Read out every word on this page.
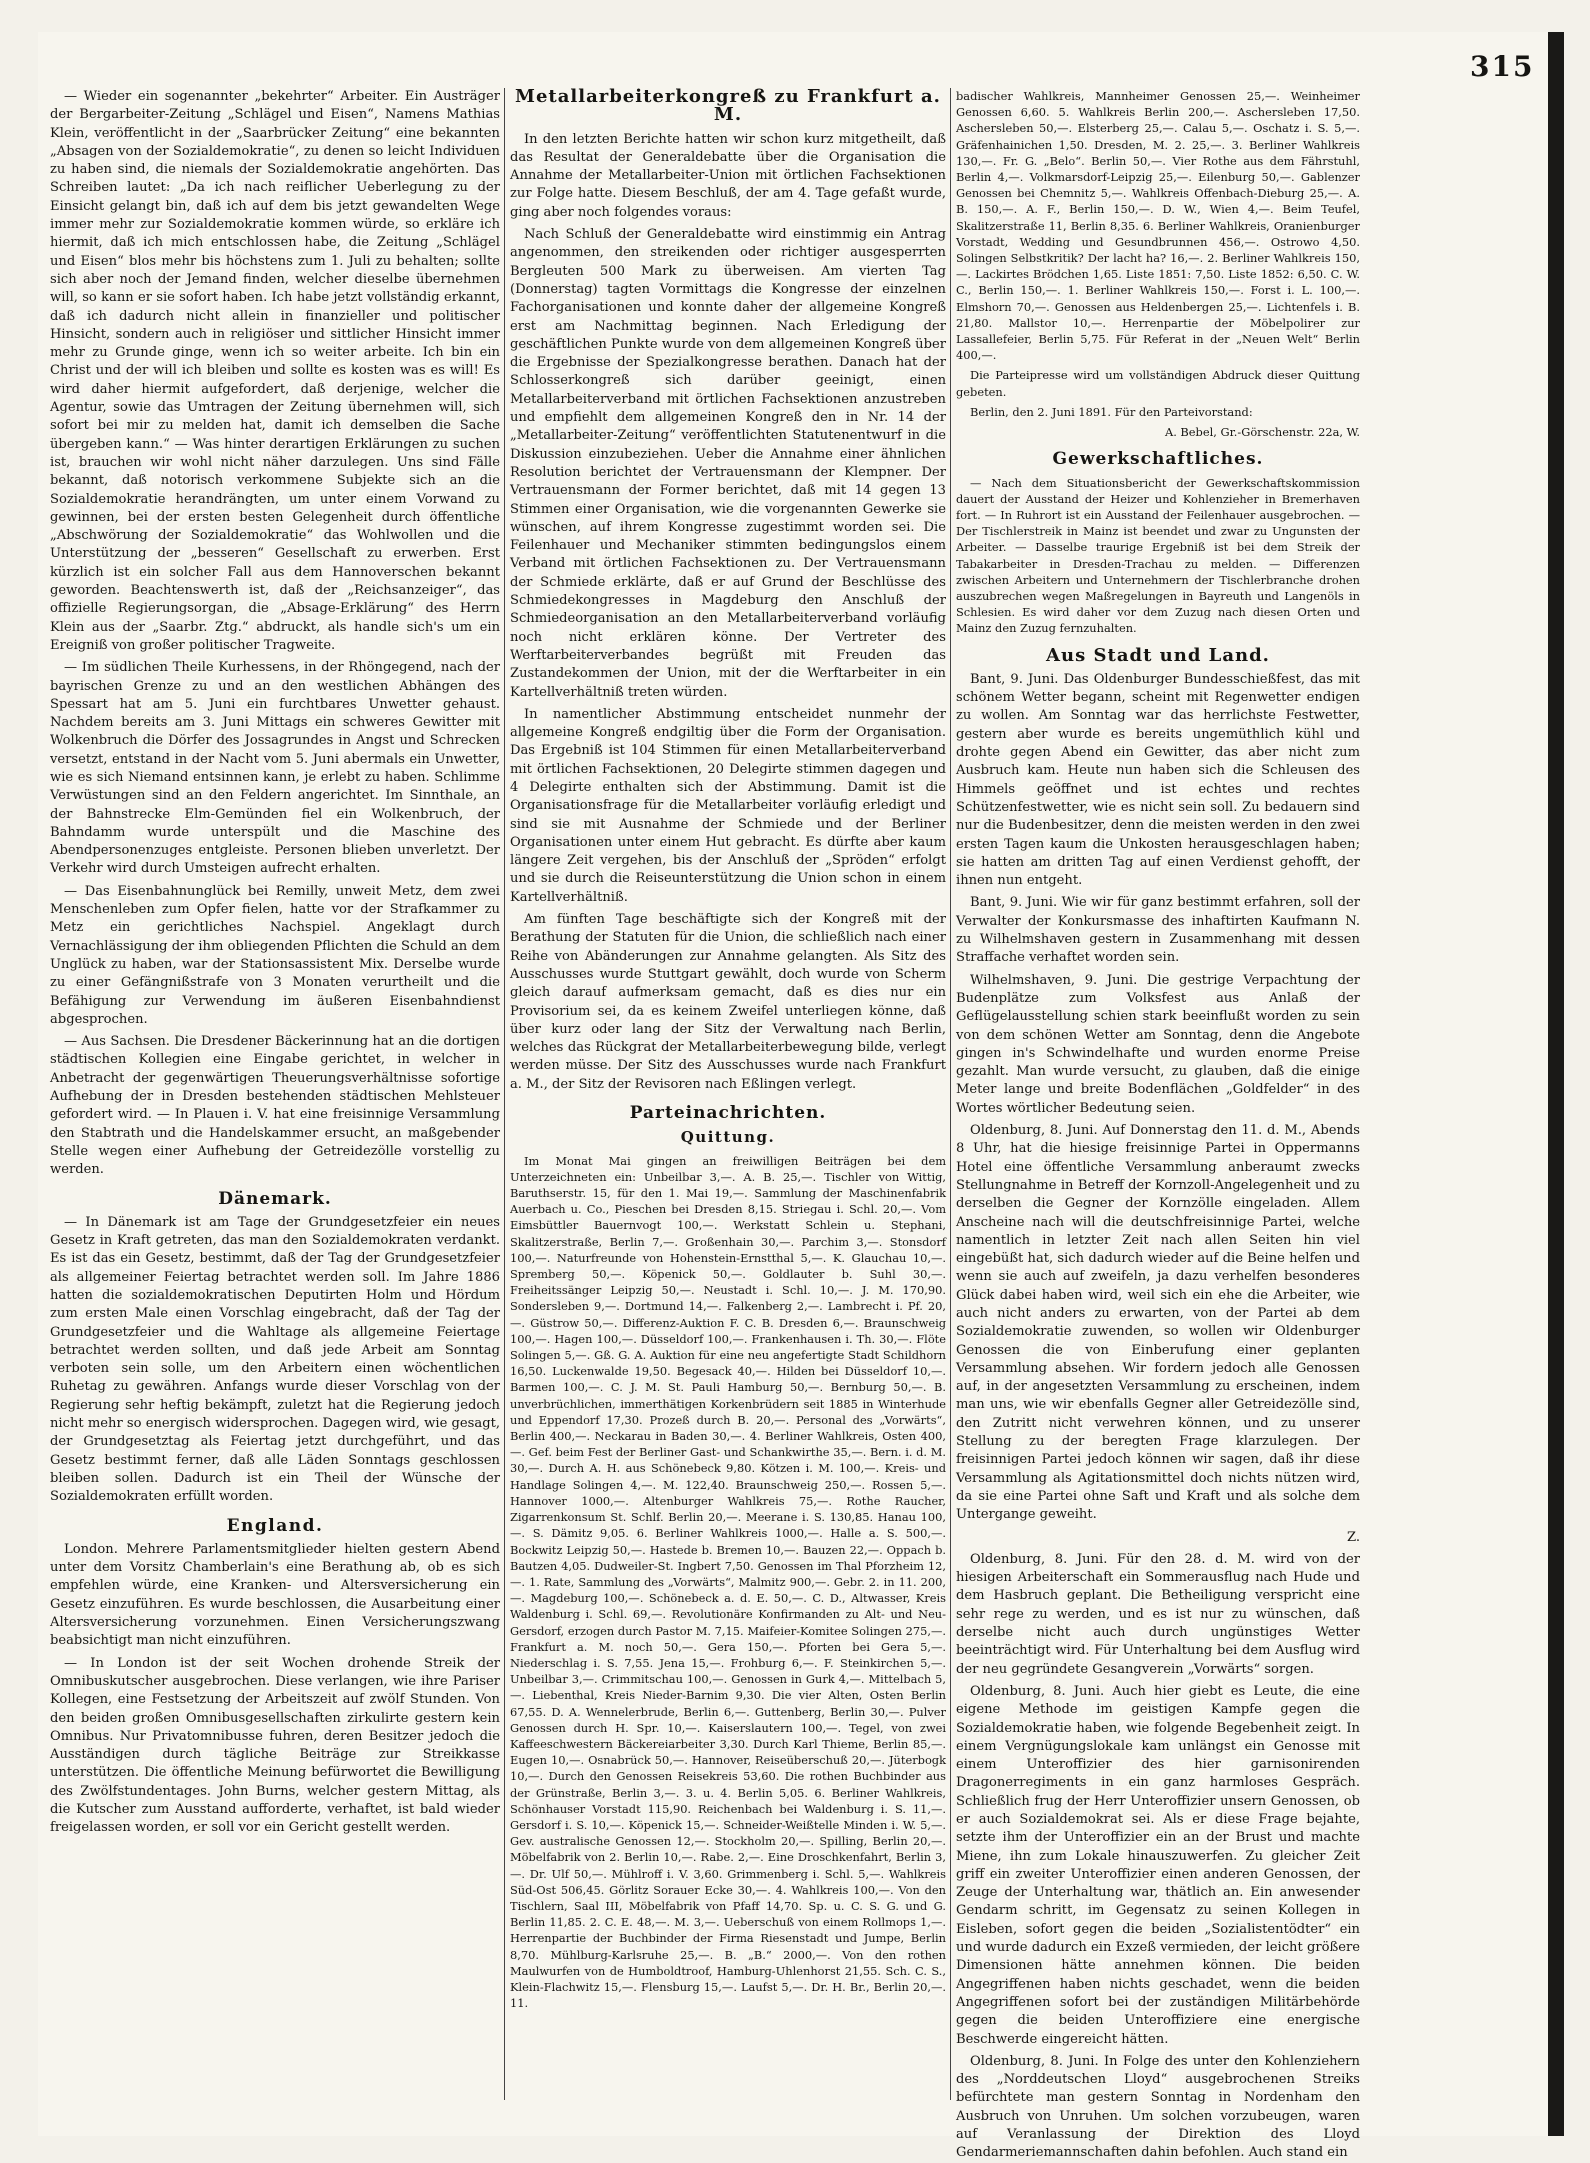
315

— Wieder ein sogenannter „bekehrter“ Arbeiter. Ein Austräger der Bergarbeiter-Zeitung „Schlägel und Eisen“, Namens Mathias Klein, veröffentlicht in der „Saarbrücker Zeitung“ eine bekannten „Absagen von der Sozialdemokratie“, zu denen so leicht Individuen zu haben sind, die niemals der Sozialdemokratie angehörten. Das Schreiben lautet: „Da ich nach reiflicher Ueberlegung zu der Einsicht gelangt bin, daß ich auf dem bis jetzt gewandelten Wege immer mehr zur Sozialdemokratie kommen würde, so erkläre ich hiermit, daß ich mich entschlossen habe, die Zeitung „Schlägel und Eisen“ blos mehr bis höchstens zum 1. Juli zu behalten; sollte sich aber noch der Jemand finden, welcher dieselbe übernehmen will, so kann er sie sofort haben. Ich habe jetzt vollständig erkannt, daß ich dadurch nicht allein in finanzieller und politischer Hinsicht, sondern auch in religiöser und sittlicher Hinsicht immer mehr zu Grunde ginge, wenn ich so weiter arbeite. Ich bin ein Christ und der will ich bleiben und sollte es kosten was es will! Es wird daher hiermit aufgefordert, daß derjenige, welcher die Agentur, sowie das Umtragen der Zeitung übernehmen will, sich sofort bei mir zu melden hat, damit ich demselben die Sache übergeben kann.“ — Was hinter derartigen Erklärungen zu suchen ist, brauchen wir wohl nicht näher darzulegen. Uns sind Fälle bekannt, daß notorisch verkommene Subjekte sich an die Sozialdemokratie herandrängten, um unter einem Vorwand zu gewinnen, bei der ersten besten Gelegenheit durch öffentliche „Abschwörung der Sozialdemokratie“ das Wohlwollen und die Unterstützung der „besseren“ Gesellschaft zu erwerben. Erst kürzlich ist ein solcher Fall aus dem Hannoverschen bekannt geworden. Beachtenswerth ist, daß der „Reichsanzeiger“, das offizielle Regierungsorgan, die „Absage-Erklärung“ des Herrn Klein aus der „Saarbr. Ztg.“ abdruckt, als handle sich's um ein Ereigniß von großer politischer Tragweite.

— Im südlichen Theile Kurhessens, in der Rhöngegend, nach der bayrischen Grenze zu und an den westlichen Abhängen des Spessart hat am 5. Juni ein furchtbares Unwetter gehaust. Nachdem bereits am 3. Juni Mittags ein schweres Gewitter mit Wolkenbruch die Dörfer des Jossagrundes in Angst und Schrecken versetzt, entstand in der Nacht vom 5. Juni abermals ein Unwetter, wie es sich Niemand entsinnen kann, je erlebt zu haben. Schlimme Verwüstungen sind an den Feldern angerichtet. Im Sinnthale, an der Bahnstrecke Elm-Gemünden fiel ein Wolkenbruch, der Bahndamm wurde unterspült und die Maschine des Abendpersonenzuges entgleiste. Personen blieben unverletzt. Der Verkehr wird durch Umsteigen aufrecht erhalten.

— Das Eisenbahnunglück bei Remilly, unweit Metz, dem zwei Menschenleben zum Opfer fielen, hatte vor der Strafkammer zu Metz ein gerichtliches Nachspiel. Angeklagt durch Vernachlässigung der ihm obliegenden Pflichten die Schuld an dem Unglück zu haben, war der Stationsassistent Mix. Derselbe wurde zu einer Gefängnißstrafe von 3 Monaten verurtheilt und die Befähigung zur Verwendung im äußeren Eisenbahndienst abgesprochen.

— Aus Sachsen. Die Dresdener Bäckerinnung hat an die dortigen städtischen Kollegien eine Eingabe gerichtet, in welcher in Anbetracht der gegenwärtigen Theuerungsverhältnisse sofortige Aufhebung der in Dresden bestehenden städtischen Mehlsteuer gefordert wird. — In Plauen i. V. hat eine freisinnige Versammlung den Stabtrath und die Handelskammer ersucht, an maßgebender Stelle wegen einer Aufhebung der Getreidezölle vorstellig zu werden.

Dänemark.

— In Dänemark ist am Tage der Grundgesetzfeier ein neues Gesetz in Kraft getreten, das man den Sozialdemokraten verdankt. Es ist das ein Gesetz, bestimmt, daß der Tag der Grundgesetzfeier als allgemeiner Feiertag betrachtet werden soll. Im Jahre 1886 hatten die sozialdemokratischen Deputirten Holm und Hördum zum ersten Male einen Vorschlag eingebracht, daß der Tag der Grundgesetzfeier und die Wahltage als allgemeine Feiertage betrachtet werden sollten, und daß jede Arbeit am Sonntag verboten sein solle, um den Arbeitern einen wöchentlichen Ruhetag zu gewähren. Anfangs wurde dieser Vorschlag von der Regierung sehr heftig bekämpft, zuletzt hat die Regierung jedoch nicht mehr so energisch widersprochen. Dagegen wird, wie gesagt, der Grundgesetztag als Feiertag jetzt durchgeführt, und das Gesetz bestimmt ferner, daß alle Läden Sonntags geschlossen bleiben sollen. Dadurch ist ein Theil der Wünsche der Sozialdemokraten erfüllt worden.

England.

London. Mehrere Parlamentsmitglieder hielten gestern Abend unter dem Vorsitz Chamberlain's eine Berathung ab, ob es sich empfehlen würde, eine Kranken- und Altersversicherung ein Gesetz einzuführen. Es wurde beschlossen, die Ausarbeitung einer Altersversicherung vorzunehmen. Einen Versicherungszwang beabsichtigt man nicht einzuführen.

— In London ist der seit Wochen drohende Streik der Omnibuskutscher ausgebrochen. Diese verlangen, wie ihre Pariser Kollegen, eine Festsetzung der Arbeitszeit auf zwölf Stunden. Von den beiden großen Omnibusgesellschaften zirkulirte gestern kein Omnibus. Nur Privatomnibusse fuhren, deren Besitzer jedoch die Ausständigen durch tägliche Beiträge zur Streikkasse unterstützen. Die öffentliche Meinung befürwortet die Bewilligung des Zwölfstundentages. John Burns, welcher gestern Mittag, als die Kutscher zum Ausstand aufforderte, verhaftet, ist bald wieder freigelassen worden, er soll vor ein Gericht gestellt werden.

Metallarbeiterkongreß zu Frankfurt a. M.

In den letzten Berichte hatten wir schon kurz mitgetheilt, daß das Resultat der Generaldebatte über die Organisation die Annahme der Metallarbeiter-Union mit örtlichen Fachsektionen zur Folge hatte. Diesem Beschluß, der am 4. Tage gefaßt wurde, ging aber noch folgendes voraus:

Nach Schluß der Generaldebatte wird einstimmig ein Antrag angenommen, den streikenden oder richtiger ausgesperrten Bergleuten 500 Mark zu überweisen. Am vierten Tag (Donnerstag) tagten Vormittags die Kongresse der einzelnen Fachorganisationen und konnte daher der allgemeine Kongreß erst am Nachmittag beginnen. Nach Erledigung der geschäftlichen Punkte wurde von dem allgemeinen Kongreß über die Ergebnisse der Spezialkongresse berathen. Danach hat der Schlosserkongreß sich darüber geeinigt, einen Metallarbeiterverband mit örtlichen Fachsektionen anzustreben und empfiehlt dem allgemeinen Kongreß den in Nr. 14 der „Metallarbeiter-Zeitung“ veröffentlichten Statutenentwurf in die Diskussion einzubeziehen. Ueber die Annahme einer ähnlichen Resolution berichtet der Vertrauensmann der Klempner. Der Vertrauensmann der Former berichtet, daß mit 14 gegen 13 Stimmen einer Organisation, wie die vorgenannten Gewerke sie wünschen, auf ihrem Kongresse zugestimmt worden sei. Die Feilenhauer und Mechaniker stimmten bedingungslos einem Verband mit örtlichen Fachsektionen zu. Der Vertrauensmann der Schmiede erklärte, daß er auf Grund der Beschlüsse des Schmiedekongresses in Magdeburg den Anschluß der Schmiedeorganisation an den Metallarbeiterverband vorläufig noch nicht erklären könne. Der Vertreter des Werftarbeiterverbandes begrüßt mit Freuden das Zustandekommen der Union, mit der die Werftarbeiter in ein Kartellverhältniß treten würden.

In namentlicher Abstimmung entscheidet nunmehr der allgemeine Kongreß endgiltig über die Form der Organisation. Das Ergebniß ist 104 Stimmen für einen Metallarbeiterverband mit örtlichen Fachsektionen, 20 Delegirte stimmen dagegen und 4 Delegirte enthalten sich der Abstimmung. Damit ist die Organisationsfrage für die Metallarbeiter vorläufig erledigt und sind sie mit Ausnahme der Schmiede und der Berliner Organisationen unter einem Hut gebracht. Es dürfte aber kaum längere Zeit vergehen, bis der Anschluß der „Spröden“ erfolgt und sie durch die Reiseunterstützung die Union schon in einem Kartellverhältniß.

Am fünften Tage beschäftigte sich der Kongreß mit der Berathung der Statuten für die Union, die schließlich nach einer Reihe von Abänderungen zur Annahme gelangten. Als Sitz des Ausschusses wurde Stuttgart gewählt, doch wurde von Scherm gleich darauf aufmerksam gemacht, daß es dies nur ein Provisorium sei, da es keinem Zweifel unterliegen könne, daß über kurz oder lang der Sitz der Verwaltung nach Berlin, welches das Rückgrat der Metallarbeiterbewegung bilde, verlegt werden müsse. Der Sitz des Ausschusses wurde nach Frankfurt a. M., der Sitz der Revisoren nach Eßlingen verlegt.

Parteinachrichten.
Quittung.

Im Monat Mai gingen an freiwilligen Beiträgen bei dem Unterzeichneten ein: Unbeilbar 3,—. A. B. 25,—. Tischler von Wittig, Baruthserstr. 15, für den 1. Mai 19,—. Sammlung der Maschinenfabrik Auerbach u. Co., Pieschen bei Dresden 8,15. Striegau i. Schl. 20,—. Vom Eimsbüttler Bauernvogt 100,—. Werkstatt Schlein u. Stephani, Skalitzerstraße, Berlin 7,—. Großenhain 30,—. Parchim 3,—. Stonsdorf 100,—. Naturfreunde von Hohenstein-Ernstthal 5,—. K. Glauchau 10,—. Spremberg 50,—. Köpenick 50,—. Goldlauter b. Suhl 30,—. Freiheitssänger Leipzig 50,—. Neustadt i. Schl. 10,—. J. M. 170,90. Sondersleben 9,—. Dortmund 14,—. Falkenberg 2,—. Lambrecht i. Pf. 20,—. Güstrow 50,—. Differenz-Auktion F. C. B. Dresden 6,—. Braunschweig 100,—. Hagen 100,—. Düsseldorf 100,—. Frankenhausen i. Th. 30,—. Flöte Solingen 5,—. Gß. G. A. Auktion für eine neu angefertigte Stadt Schildhorn 16,50. Luckenwalde 19,50. Begesack 40,—. Hilden bei Düsseldorf 10,—. Barmen 100,—. C. J. M. St. Pauli Hamburg 50,—. Bernburg 50,—. B. unverbrüchlichen, immerthätigen Korkenbrüdern seit 1885 in Winterhude und Eppendorf 17,30. Prozeß durch B. 20,—. Personal des „Vorwärts“, Berlin 400,—. Neckarau in Baden 30,—. 4. Berliner Wahlkreis, Osten 400,—. Gef. beim Fest der Berliner Gast- und Schankwirthe 35,—. Bern. i. d. M. 30,—. Durch A. H. aus Schönebeck 9,80. Kötzen i. M. 100,—. Kreis- und Handlage Solingen 4,—. M. 122,40. Braunschweig 250,—. Rossen 5,—. Hannover 1000,—. Altenburger Wahlkreis 75,—. Rothe Raucher, Zigarrenkonsum St. Schlf. Berlin 20,—. Meerane i. S. 130,85. Hanau 100,—. S. Dämitz 9,05. 6. Berliner Wahlkreis 1000,—. Halle a. S. 500,—. Bockwitz Leipzig 50,—. Hastede b. Bremen 10,—. Bauzen 22,—. Oppach b. Bautzen 4,05. Dudweiler-St. Ingbert 7,50. Genossen im Thal Pforzheim 12,—. 1. Rate, Sammlung des „Vorwärts“, Malmitz 900,—. Gebr. 2. in 11. 200,—. Magdeburg 100,—. Schönebeck a. d. E. 50,—. C. D., Altwasser, Kreis Waldenburg i. Schl. 69,—. Revolutionäre Konfirmanden zu Alt- und Neu-Gersdorf, erzogen durch Pastor M. 7,15. Maifeier-Komitee Solingen 275,—. Frankfurt a. M. noch 50,—. Gera 150,—. Pforten bei Gera 5,—. Niederschlag i. S. 7,55. Jena 15,—. Frohburg 6,—. F. Steinkirchen 5,—. Unbeilbar 3,—. Crimmitschau 100,—. Genossen in Gurk 4,—. Mittelbach 5,—. Liebenthal, Kreis Nieder-Barnim 9,30. Die vier Alten, Osten Berlin 67,55. D. A. Wennelerbrude, Berlin 6,—. Guttenberg, Berlin 30,—. Pulver Genossen durch H. Spr. 10,—. Kaiserslautern 100,—. Tegel, von zwei Kaffeeschwestern Bäckereiarbeiter 3,30. Durch Karl Thieme, Berlin 85,—. Eugen 10,—. Osnabrück 50,—. Hannover, Reiseüberschuß 20,—. Jüterbogk 10,—. Durch den Genossen Reisekreis 53,60. Die rothen Buchbinder aus der Grünstraße, Berlin 3,—. 3. u. 4. Berlin 5,05. 6. Berliner Wahlkreis, Schönhauser Vorstadt 115,90. Reichenbach bei Waldenburg i. S. 11,—. Gersdorf i. S. 10,—. Köpenick 15,—. Schneider-Weißtelle Minden i. W. 5,—. Gev. australische Genossen 12,—. Stockholm 20,—. Spilling, Berlin 20,—. Möbelfabrik von 2. Berlin 10,—. Rabe. 2,—. Eine Droschkenfahrt, Berlin 3,—. Dr. Ulf 50,—. Mühlroff i. V. 3,60. Grimmenberg i. Schl. 5,—. Wahlkreis Süd-Ost 506,45. Görlitz Sorauer Ecke 30,—. 4. Wahlkreis 100,—. Von den Tischlern, Saal III, Möbelfabrik von Pfaff 14,70. Sp. u. C. S. G. und G. Berlin 11,85. 2. C. E. 48,—. M. 3,—. Ueberschuß von einem Rollmops 1,—. Herrenpartie der Buchbinder der Firma Riesenstadt und Jumpe, Berlin 8,70. Mühlburg-Karlsruhe 25,—. B. „B.“ 2000,—. Von den rothen Maulwurfen von de Humboldtroof, Hamburg-Uhlenhorst 21,55. Sch. C. S., Klein-Flachwitz 15,—. Flensburg 15,—. Laufst 5,—. Dr. H. Br., Berlin 20,—. 11.

badischer Wahlkreis, Mannheimer Genossen 25,—. Weinheimer Genossen 6,60. 5. Wahlkreis Berlin 200,—. Aschersleben 17,50. Aschersleben 50,—. Elsterberg 25,—. Calau 5,—. Oschatz i. S. 5,—. Gräfenhainichen 1,50. Dresden, M. 2. 25,—. 3. Berliner Wahlkreis 130,—. Fr. G. „Belo“. Berlin 50,—. Vier Rothe aus dem Fährstuhl, Berlin 4,—. Volkmarsdorf-Leipzig 25,—. Eilenburg 50,—. Gablenzer Genossen bei Chemnitz 5,—. Wahlkreis Offenbach-Dieburg 25,—. A. B. 150,—. A. F., Berlin 150,—. D. W., Wien 4,—. Beim Teufel, Skalitzerstraße 11, Berlin 8,35. 6. Berliner Wahlkreis, Oranienburger Vorstadt, Wedding und Gesundbrunnen 456,—. Ostrowo 4,50. Solingen Selbstkritik? Der lacht ha? 16,—. 2. Berliner Wahlkreis 150,—. Lackirtes Brödchen 1,65. Liste 1851: 7,50. Liste 1852: 6,50. C. W. C., Berlin 150,—. 1. Berliner Wahlkreis 150,—. Forst i. L. 100,—. Elmshorn 70,—. Genossen aus Heldenbergen 25,—. Lichtenfels i. B. 21,80. Mallstor 10,—. Herrenpartie der Möbelpolirer zur Lassallefeier, Berlin 5,75. Für Referat in der „Neuen Welt“ Berlin 400,—.

Die Parteipresse wird um vollständigen Abdruck dieser Quittung gebeten.

Berlin, den 2. Juni 1891. Für den Parteivorstand:

A. Bebel, Gr.-Görschenstr. 22a, W.

Gewerkschaftliches.

— Nach dem Situationsbericht der Gewerkschaftskommission dauert der Ausstand der Heizer und Kohlenzieher in Bremerhaven fort. — In Ruhrort ist ein Ausstand der Feilenhauer ausgebrochen. — Der Tischlerstreik in Mainz ist beendet und zwar zu Ungunsten der Arbeiter. — Dasselbe traurige Ergebniß ist bei dem Streik der Tabakarbeiter in Dresden-Trachau zu melden. — Differenzen zwischen Arbeitern und Unternehmern der Tischlerbranche drohen auszubrechen wegen Maßregelungen in Bayreuth und Langenöls in Schlesien. Es wird daher vor dem Zuzug nach diesen Orten und Mainz den Zuzug fernzuhalten.

Aus Stadt und Land.

Bant, 9. Juni. Das Oldenburger Bundesschießfest, das mit schönem Wetter begann, scheint mit Regenwetter endigen zu wollen. Am Sonntag war das herrlichste Festwetter, gestern aber wurde es bereits ungemüthlich kühl und drohte gegen Abend ein Gewitter, das aber nicht zum Ausbruch kam. Heute nun haben sich die Schleusen des Himmels geöffnet und ist echtes und rechtes Schützenfestwetter, wie es nicht sein soll. Zu bedauern sind nur die Budenbesitzer, denn die meisten werden in den zwei ersten Tagen kaum die Unkosten herausgeschlagen haben; sie hatten am dritten Tag auf einen Verdienst gehofft, der ihnen nun entgeht.

Bant, 9. Juni. Wie wir für ganz bestimmt erfahren, soll der Verwalter der Konkursmasse des inhaftirten Kaufmann N. zu Wilhelmshaven gestern in Zusammenhang mit dessen Straffache verhaftet worden sein.

Wilhelmshaven, 9. Juni. Die gestrige Verpachtung der Budenplätze zum Volksfest aus Anlaß der Geflügelausstellung schien stark beeinflußt worden zu sein von dem schönen Wetter am Sonntag, denn die Angebote gingen in's Schwindelhafte und wurden enorme Preise gezahlt. Man wurde versucht, zu glauben, daß die einige Meter lange und breite Bodenflächen „Goldfelder“ in des Wortes wörtlicher Bedeutung seien.

Oldenburg, 8. Juni. Auf Donnerstag den 11. d. M., Abends 8 Uhr, hat die hiesige freisinnige Partei in Oppermanns Hotel eine öffentliche Versammlung anberaumt zwecks Stellungnahme in Betreff der Kornzoll-Angelegenheit und zu derselben die Gegner der Kornzölle eingeladen. Allem Anscheine nach will die deutschfreisinnige Partei, welche namentlich in letzter Zeit nach allen Seiten hin viel eingebüßt hat, sich dadurch wieder auf die Beine helfen und wenn sie auch auf zweifeln, ja dazu verhelfen besonderes Glück dabei haben wird, weil sich ein ehe die Arbeiter, wie auch nicht anders zu erwarten, von der Partei ab dem Sozialdemokratie zuwenden, so wollen wir Oldenburger Genossen die von Einberufung einer geplanten Versammlung absehen. Wir fordern jedoch alle Genossen auf, in der angesetzten Versammlung zu erscheinen, indem man uns, wie wir ebenfalls Gegner aller Getreidezölle sind, den Zutritt nicht verwehren können, und zu unserer Stellung zu der beregten Frage klarzulegen. Der freisinnigen Partei jedoch können wir sagen, daß ihr diese Versammlung als Agitationsmittel doch nichts nützen wird, da sie eine Partei ohne Saft und Kraft und als solche dem Untergange geweiht.

Z.

Oldenburg, 8. Juni. Für den 28. d. M. wird von der hiesigen Arbeiterschaft ein Sommerausflug nach Hude und dem Hasbruch geplant. Die Betheiligung verspricht eine sehr rege zu werden, und es ist nur zu wünschen, daß derselbe nicht auch durch ungünstiges Wetter beeinträchtigt wird. Für Unterhaltung bei dem Ausflug wird der neu gegründete Gesangverein „Vorwärts“ sorgen.

Oldenburg, 8. Juni. Auch hier giebt es Leute, die eine eigene Methode im geistigen Kampfe gegen die Sozialdemokratie haben, wie folgende Begebenheit zeigt. In einem Vergnügungslokale kam unlängst ein Genosse mit einem Unteroffizier des hier garnisonirenden Dragonerregiments in ein ganz harmloses Gespräch. Schließlich frug der Herr Unteroffizier unsern Genossen, ob er auch Sozialdemokrat sei. Als er diese Frage bejahte, setzte ihm der Unteroffizier ein an der Brust und machte Miene, ihn zum Lokale hinauszuwerfen. Zu gleicher Zeit griff ein zweiter Unteroffizier einen anderen Genossen, der Zeuge der Unterhaltung war, thätlich an. Ein anwesender Gendarm schritt, im Gegensatz zu seinen Kollegen in Eisleben, sofort gegen die beiden „Sozialistentödter“ ein und wurde dadurch ein Exzeß vermieden, der leicht größere Dimensionen hätte annehmen können. Die beiden Angegriffenen haben nichts geschadet, wenn die beiden Angegriffenen sofort bei der zuständigen Militärbehörde gegen die beiden Unteroffiziere eine energische Beschwerde eingereicht hätten.

Oldenburg, 8. Juni. In Folge des unter den Kohlenziehern des „Norddeutschen Lloyd“ ausgebrochenen Streiks befürchtete man gestern Sonntag in Nordenham den Ausbruch von Unruhen. Um solchen vorzubeugen, waren auf Veranlassung der Direktion des Lloyd Gendarmeriemannschaften dahin befohlen. Auch stand ein
